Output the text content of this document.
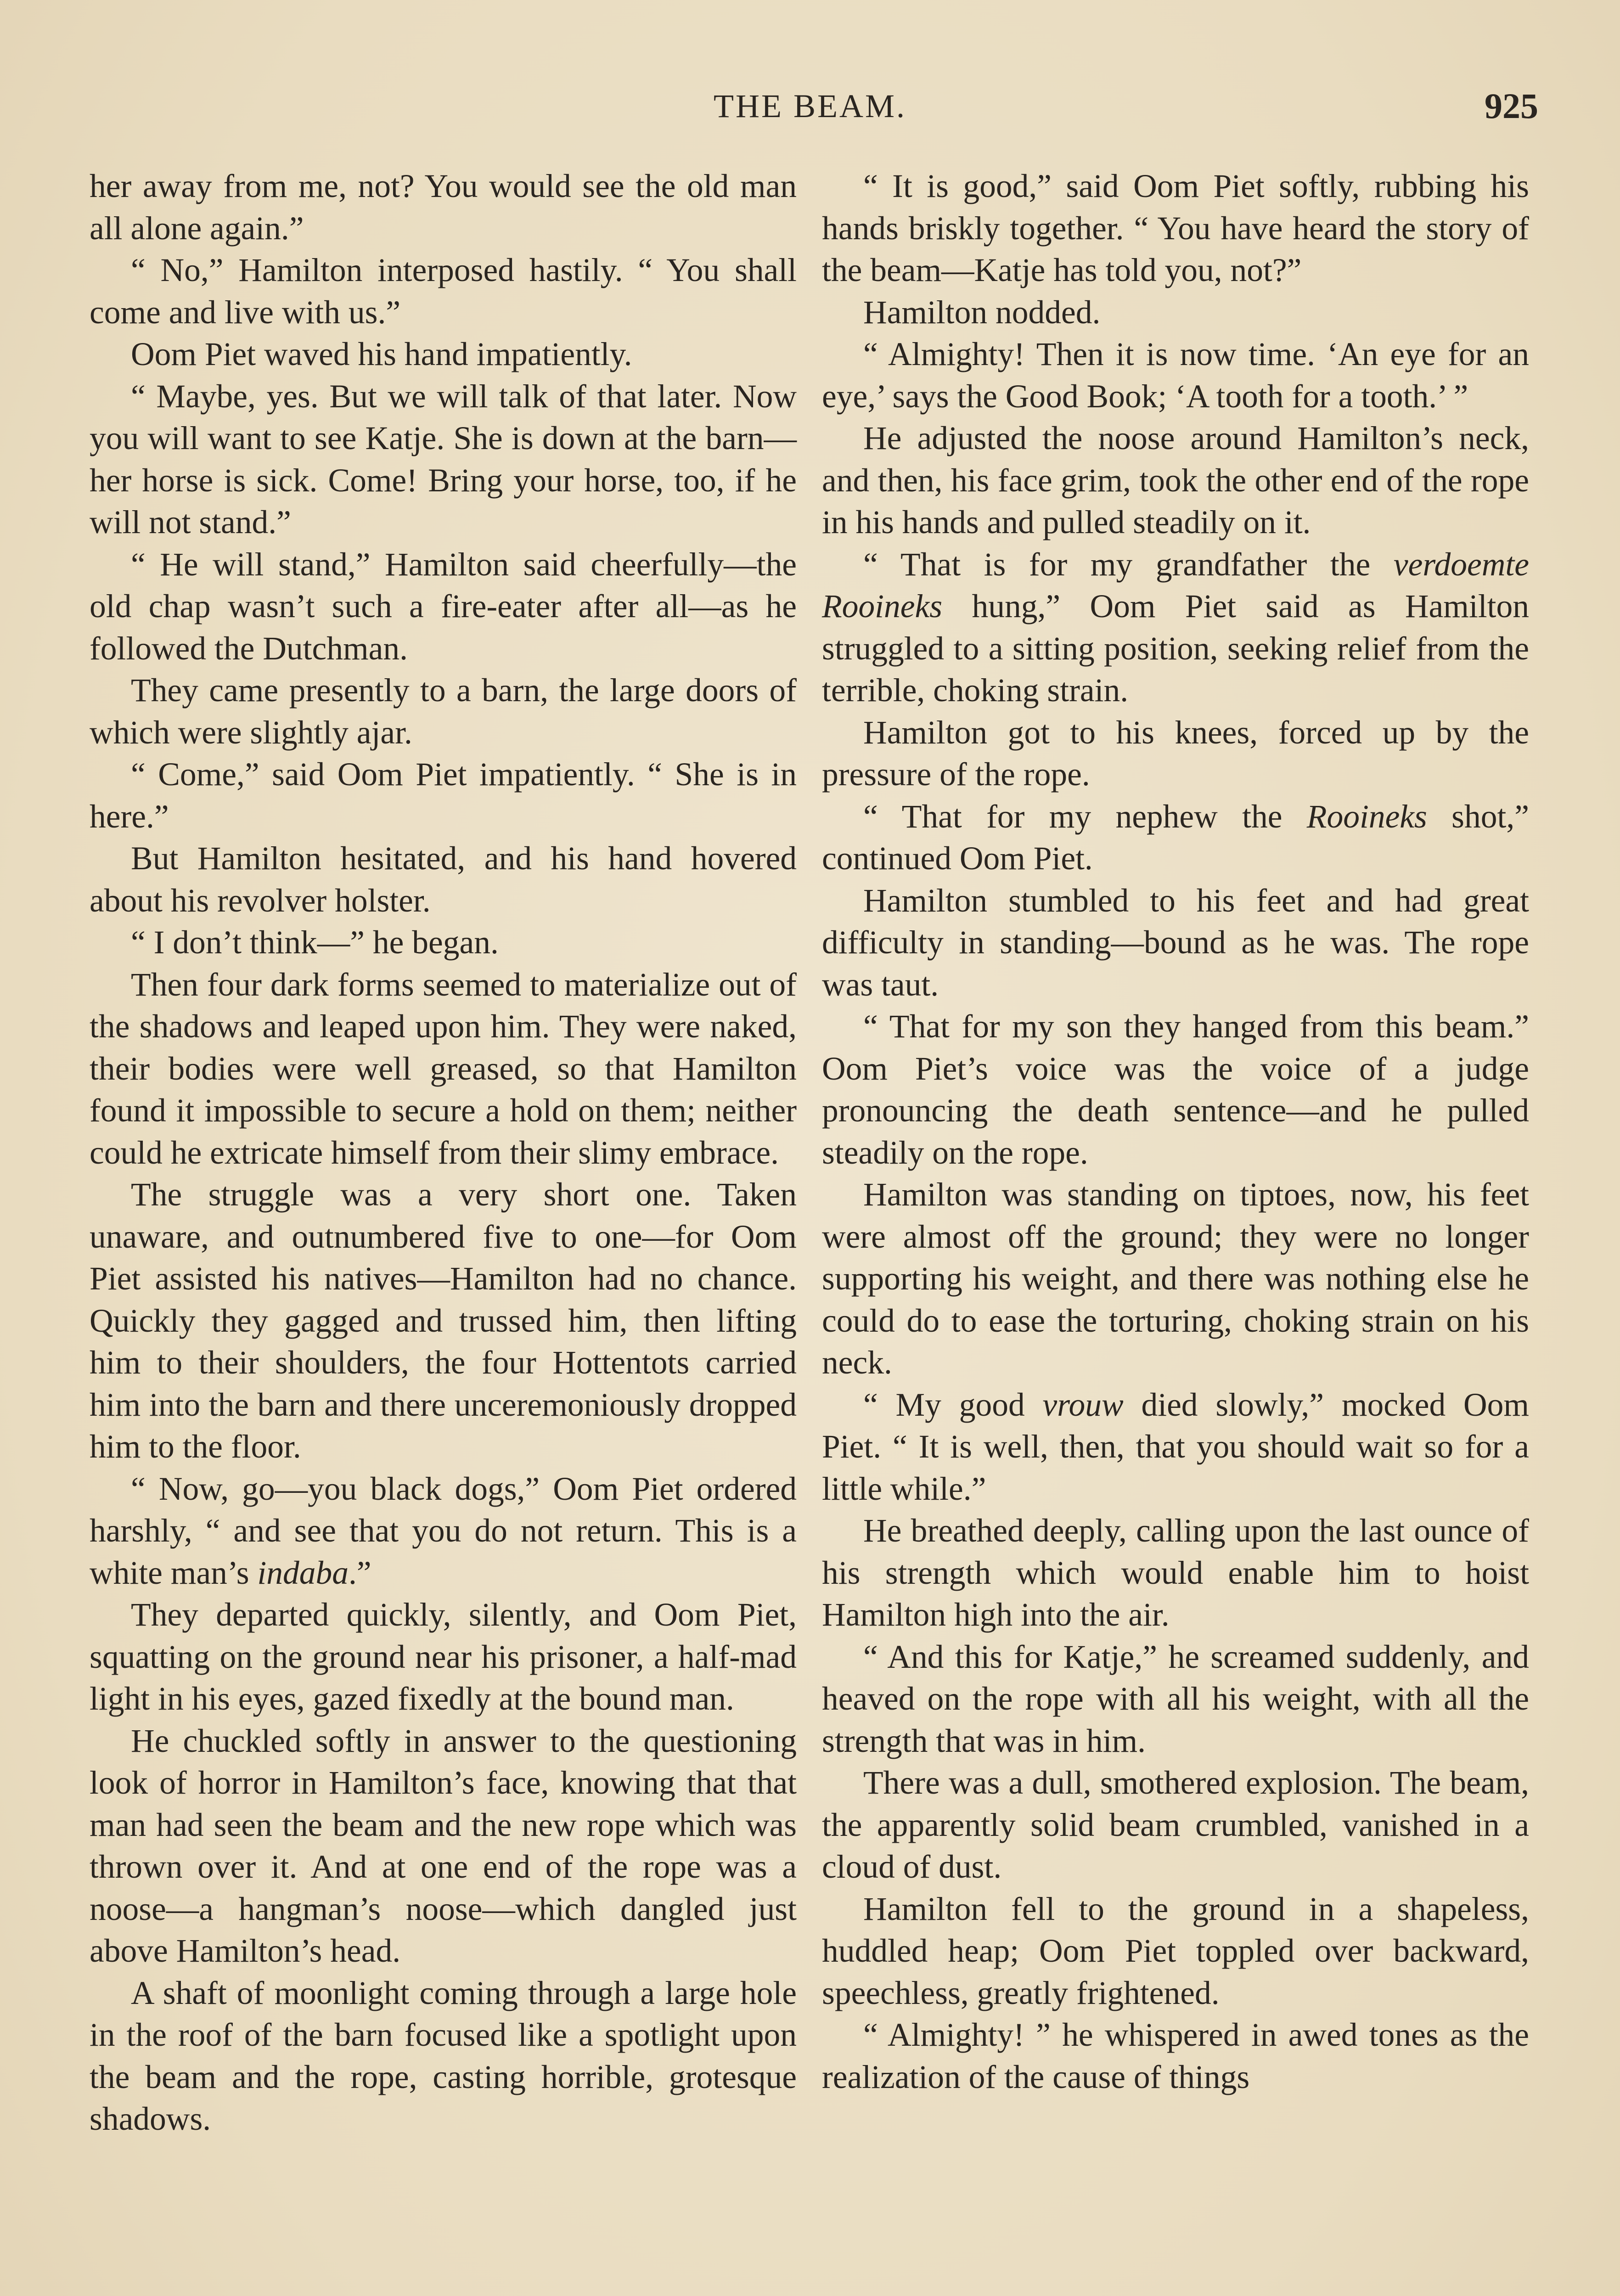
THE BEAM.	925

her away from me, not? You would see the old man all alone again.”

“ No,” Hamilton interposed hastily. “ You shall come and live with us.”

Oom Piet waved his hand impatiently.

“ Maybe, yes. But we will talk of that later. Now you will want to see Katje. She is down at the barn—her horse is sick. Come! Bring your horse, too, if he will not stand.”

“ He will stand,” Hamilton said cheerfully—the old chap wasn’t such a fire-eater after all—as he followed the Dutchman.

They came presently to a barn, the large doors of which were slightly ajar.

“ Come,” said Oom Piet impatiently. “ She is in here.”

But Hamilton hesitated, and his hand hovered about his revolver holster.

“ I don’t think—” he began.

Then four dark forms seemed to materialize out of the shadows and leaped upon him. They were naked, their bodies were well greased, so that Hamilton found it impossible to secure a hold on them; neither could he extricate himself from their slimy embrace.

The struggle was a very short one. Taken unaware, and outnumbered five to one—for Oom Piet assisted his natives—Hamilton had no chance. Quickly they gagged and trussed him, then lifting him to their shoulders, the four Hottentots carried him into the barn and there unceremoniously dropped him to the floor.

“ Now, go—you black dogs,” Oom Piet ordered harshly, “ and see that you do not return. This is a white man’s indaba.”

They departed quickly, silently, and Oom Piet, squatting on the ground near his prisoner, a half-mad light in his eyes, gazed fixedly at the bound man.

He chuckled softly in answer to the questioning look of horror in Hamilton’s face, knowing that that man had seen the beam and the new rope which was thrown over it. And at one end of the rope was a noose—a hangman’s noose—which dangled just above Hamilton’s head.

A shaft of moonlight coming through a large hole in the roof of the barn focused like a spotlight upon the beam and the rope, casting horrible, grotesque shadows.

“ It is good,” said Oom Piet softly, rubbing his hands briskly together. “ You have heard the story of the beam—Katje has told you, not?”

Hamilton nodded.

“ Almighty! Then it is now time. ‘An eye for an eye,’ says the Good Book; ‘A tooth for a tooth.’ ”

He adjusted the noose around Hamilton’s neck, and then, his face grim, took the other end of the rope in his hands and pulled steadily on it.

“ That is for my grandfather the verdoemte Rooineks hung,” Oom Piet said as Hamilton struggled to a sitting position, seeking relief from the terrible, choking strain.

Hamilton got to his knees, forced up by the pressure of the rope.

“ That for my nephew the Rooineks shot,” continued Oom Piet.

Hamilton stumbled to his feet and had great difficulty in standing—bound as he was. The rope was taut.

“ That for my son they hanged from this beam.” Oom Piet’s voice was the voice of a judge pronouncing the death sentence—and he pulled steadily on the rope.

Hamilton was standing on tiptoes, now, his feet were almost off the ground; they were no longer supporting his weight, and there was nothing else he could do to ease the torturing, choking strain on his neck.

“ My good vrouw died slowly,” mocked Oom Piet. “ It is well, then, that you should wait so for a little while.”

He breathed deeply, calling upon the last ounce of his strength which would enable him to hoist Hamilton high into the air.

“ And this for Katje,” he screamed suddenly, and heaved on the rope with all his weight, with all the strength that was in him.

There was a dull, smothered explosion. The beam, the apparently solid beam crumbled, vanished in a cloud of dust.

Hamilton fell to the ground in a shapeless, huddled heap; Oom Piet toppled over backward, speechless, greatly frightened.

“ Almighty! ” he whispered in awed tones as the realization of the cause of things
